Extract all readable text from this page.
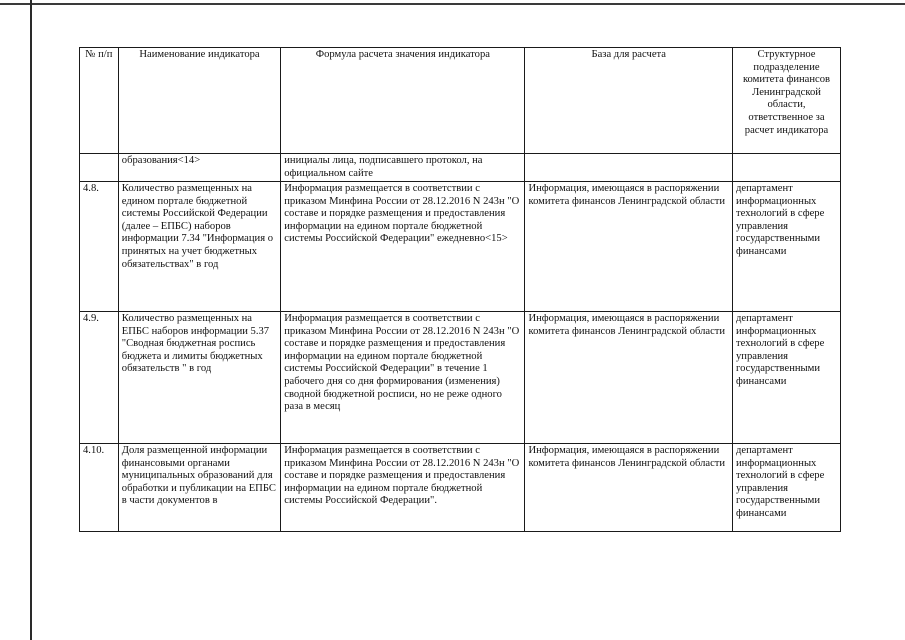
№ п/п	Наименование индикатора	Формула расчета значения индикатора	База для расчета	Структурное подразделение комитета финансов Ленинградской области, ответственное за расчет индикатора
	образования<14>	инициалы лица, подписавшего протокол, на официальном сайте		
4.8.	Количество размещенных на едином портале бюджетной системы Российской Федерации (далее – ЕПБС) наборов информации 7.34 "Информация о принятых на учет бюджетных обязательствах" в год	Информация размещается в соответствии с приказом Минфина России от 28.12.2016 N 243н "О составе и порядке размещения и предоставления информации на едином портале бюджетной системы Российской Федерации" ежедневно<15>	Информация, имеющаяся в распоряжении комитета финансов Ленинградской области	департамент информационных технологий в сфере управления государственными финансами
4.9.	Количество размещенных на ЕПБС наборов информации 5.37 "Сводная бюджетная роспись бюджета и лимиты бюджетных обязательств " в год	Информация размещается в соответствии с приказом Минфина России от 28.12.2016 N 243н "О составе и порядке размещения и предоставления информации на едином портале бюджетной системы Российской Федерации" в течение 1 рабочего дня со дня формирования (изменения) сводной бюджетной росписи, но не реже одного раза в месяц	Информация, имеющаяся в распоряжении комитета финансов Ленинградской области	департамент информационных технологий в сфере управления государственными финансами
4.10.	Доля размещенной информации финансовыми органами муниципальных образований для обработки и публикации на ЕПБС в части документов в	Информация размещается в соответствии с приказом Минфина России от 28.12.2016 N 243н "О составе и порядке размещения и предоставления информации на едином портале бюджетной системы Российской Федерации".	Информация, имеющаяся в распоряжении комитета финансов Ленинградской области	департамент информационных технологий в сфере управления государственными финансами
